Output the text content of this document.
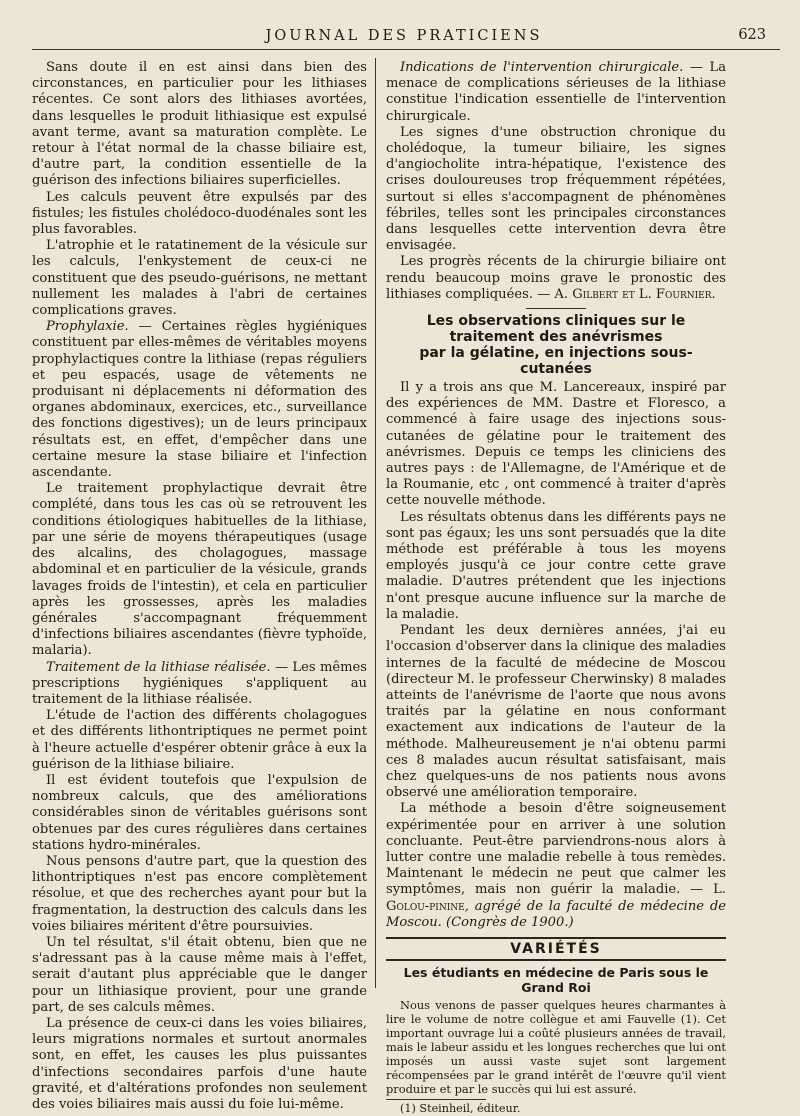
JOURNAL DES PRATICIENS	623

Sans doute il en est ainsi dans bien des circonstances, en particulier pour les lithiases récentes. Ce sont alors des lithiases avortées, dans lesquelles le produit lithiasique est expulsé avant terme, avant sa maturation complète. Le retour à l'état normal de la chasse biliaire est, d'autre part, la condition essentielle de la guérison des infections biliaires superficielles.

Les calculs peuvent être expulsés par des fistules; les fistules cholédoco-duodénales sont les plus favorables.

L'atrophie et le ratatinement de la vésicule sur les calculs, l'enkystement de ceux-ci ne constituent que des pseudo-guérisons, ne mettant nullement les malades à l'abri de certaines complications graves.

Prophylaxie. — Certaines règles hygiéniques constituent par elles-mêmes de véritables moyens prophylactiques contre la lithiase (repas réguliers et peu espacés, usage de vêtements ne produisant ni déplacements ni déformation des organes abdominaux, exercices, etc., surveillance des fonctions digestives); un de leurs principaux résultats est, en effet, d'empêcher dans une certaine mesure la stase biliaire et l'infection ascendante.

Le traitement prophylactique devrait être complété, dans tous les cas où se retrouvent les conditions étiologiques habituelles de la lithiase, par une série de moyens thérapeutiques (usage des alcalins, des cholagogues, massage abdominal et en particulier de la vésicule, grands lavages froids de l'intestin), et cela en particulier après les grossesses, après les maladies générales s'accompagnant fréquemment d'infections biliaires ascendantes (fièvre typhoïde, malaria).

Traitement de la lithiase réalisée. — Les mêmes prescriptions hygiéniques s'appliquent au traitement de la lithiase réalisée.

L'étude de l'action des différents cholagogues et des différents lithontriptiques ne permet point à l'heure actuelle d'espérer obtenir grâce à eux la guérison de la lithiase biliaire.

Il est évident toutefois que l'expulsion de nombreux calculs, que des améliorations considérables sinon de véritables guérisons sont obtenues par des cures régulières dans certaines stations hydro-minérales.

Nous pensons d'autre part, que la question des lithontriptiques n'est pas encore complètement résolue, et que des recherches ayant pour but la fragmentation, la destruction des calculs dans les voies biliaires méritent d'être poursuivies.

Un tel résultat, s'il était obtenu, bien que ne s'adressant pas à la cause même mais à l'effet, serait d'autant plus appréciable que le danger pour un lithiasique provient, pour une grande part, de ses calculs mêmes.

La présence de ceux-ci dans les voies biliaires, leurs migrations normales et surtout anormales sont, en effet, les causes les plus puissantes d'infections secondaires parfois d'une haute gravité, et d'altérations profondes non seulement des voies biliaires mais aussi du foie lui-même.

Indications de l'intervention chirurgicale. — La menace de complications sérieuses de la lithiase constitue l'indication essentielle de l'intervention chirurgicale.

Les signes d'une obstruction chronique du cholédoque, la tumeur biliaire, les signes d'angiocholite intra-hépatique, l'existence des crises douloureuses trop fréquemment répétées, surtout si elles s'accompagnent de phénomènes fébriles, telles sont les principales circonstances dans lesquelles cette intervention devra être envisagée.

Les progrès récents de la chirurgie biliaire ont rendu beaucoup moins grave le pronostic des lithiases compliquées. — A. Gilbert et L. Fournier.

Les observations cliniques sur le traitement des anévrismes
par la gélatine, en injections sous-cutanées

Il y a trois ans que M. Lancereaux, inspiré par des expériences de MM. Dastre et Floresco, a commencé à faire usage des injections sous-cutanées de gélatine pour le traitement des anévrismes. Depuis ce temps les cliniciens des autres pays : de l'Allemagne, de l'Amérique et de la Roumanie, etc , ont commencé à traiter d'après cette nouvelle méthode.

Les résultats obtenus dans les différents pays ne sont pas égaux; les uns sont persuadés que la dite méthode est préférable à tous les moyens employés jusqu'à ce jour contre cette grave maladie. D'autres prétendent que les injections n'ont presque aucune influence sur la marche de la maladie.

Pendant les deux dernières années, j'ai eu l'occasion d'observer dans la clinique des maladies internes de la faculté de médecine de Moscou (directeur M. le professeur Cherwinsky) 8 malades atteints de l'anévrisme de l'aorte que nous avons traités par la gélatine en nous conformant exactement aux indications de l'auteur de la méthode. Malheureusement je n'ai obtenu parmi ces 8 malades aucun résultat satisfaisant, mais chez quelques-uns de nos patients nous avons observé une amélioration temporaire.

La méthode a besoin d'être soigneusement expérimentée pour en arriver à une solution concluante. Peut-être parviendrons-nous alors à lutter contre une maladie rebelle à tous remèdes. Maintenant le médecin ne peut que calmer les symptômes, mais non guérir la maladie. — L. Golou-pinine, agrégé de la faculté de médecine de Moscou. (Congrès de 1900.)

VARIÉTÉS
Les étudiants en médecine de Paris sous le
Grand Roi

Nous venons de passer quelques heures charmantes à lire le volume de notre collègue et ami Fauvelle (1). Cet important ouvrage lui a coûté plusieurs années de travail, mais le labeur assidu et les longues recherches que lui ont imposés un aussi vaste sujet sont largement récompensées par le grand intérêt de l'œuvre qu'il vient produire et par le succès qui lui est assuré.

(1) Steinheil, éditeur.
